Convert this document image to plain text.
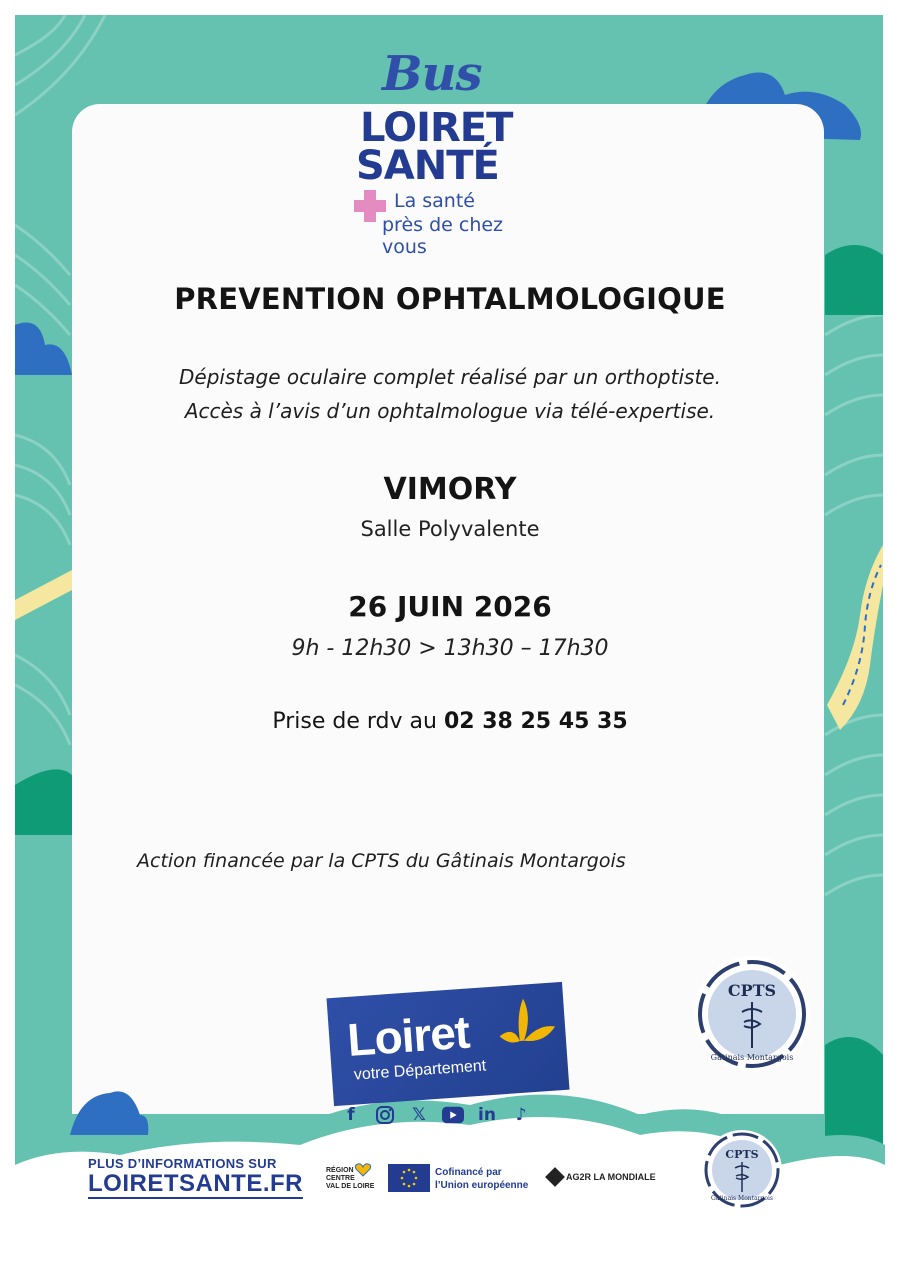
Bus
LOIRET
SANTÉ
La santé
près de chez vous
PREVENTION OPHTALMOLOGIQUE
Dépistage oculaire complet réalisé par un orthoptiste.
Accès à l’avis d’un ophtalmologue via télé-expertise.
VIMORY
Salle Polyvalente
26 JUIN 2026
9h - 12h30 > 13h30 – 17h30
Prise de rdv au 02 38 25 45 35
Action financée par la CPTS du Gâtinais Montargois
CPTS
Gâtinais Montargois
Loiret
votre Département
f	𝕏	in	♪
PLUS D’INFORMATIONS SUR
LOIRETSANTE.FR	RÉGION
CENTRE
VAL DE LOIRE
Cofinancé par
l’Union européenne
AG2R LA MONDIALE
CPTS
Gâtinais Montargois
